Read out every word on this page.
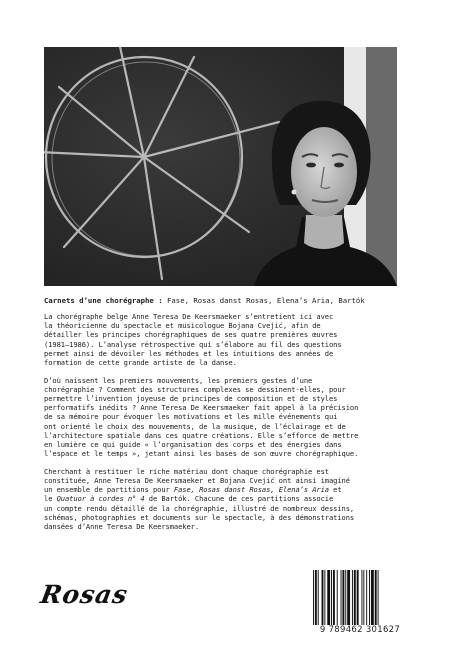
Carnets d’une chorégraphe : Fase, Rosas danst Rosas, Elena’s Aria, Bartók

La chorégraphe belge Anne Teresa De Keersmaeker s’entretient ici avec
la théoricienne du spectacle et musicologue Bojana Cvejić, afin de
détailler les principes chorégraphiques de ses quatre premières œuvres
(1981–1986). L’analyse rétrospective qui s’élabore au fil des questions
permet ainsi de dévoiler les méthodes et les intuitions des années de
formation de cette grande artiste de la danse.

D’où naissent les premiers mouvements, les premiers gestes d’une
chorégraphie ? Comment des structures complexes se dessinent-elles, pour
permettre l’invention joyeuse de principes de composition et de styles
performatifs inédits ? Anne Teresa De Keersmaeker fait appel à la précision
de sa mémoire pour évoquer les motivations et les mille événements qui
ont orienté le choix des mouvements, de la musique, de l’éclairage et de
l’architecture spatiale dans ces quatre créations. Elle s’efforce de mettre
en lumière ce qui guide « l’organisation des corps et des énergies dans
l’espace et le temps », jetant ainsi les bases de son œuvre chorégraphique.

Cherchant à restituer le riche matériau dont chaque chorégraphie est
constituée, Anne Teresa De Keersmaeker et Bojana Cvejić ont ainsi imaginé
un ensemble de partitions pour Fase, Rosas danst Rosas, Elena’s Aria et
le Quatuor à cordes n° 4 de Bartók. Chacune de ces partitions associe
un compte rendu détaillé de la chorégraphie, illustré de nombreux dessins,
schémas, photographies et documents sur le spectacle, à des démonstrations
dansées d’Anne Teresa De Keersmaeker.

Rosas
9 789462 301627
